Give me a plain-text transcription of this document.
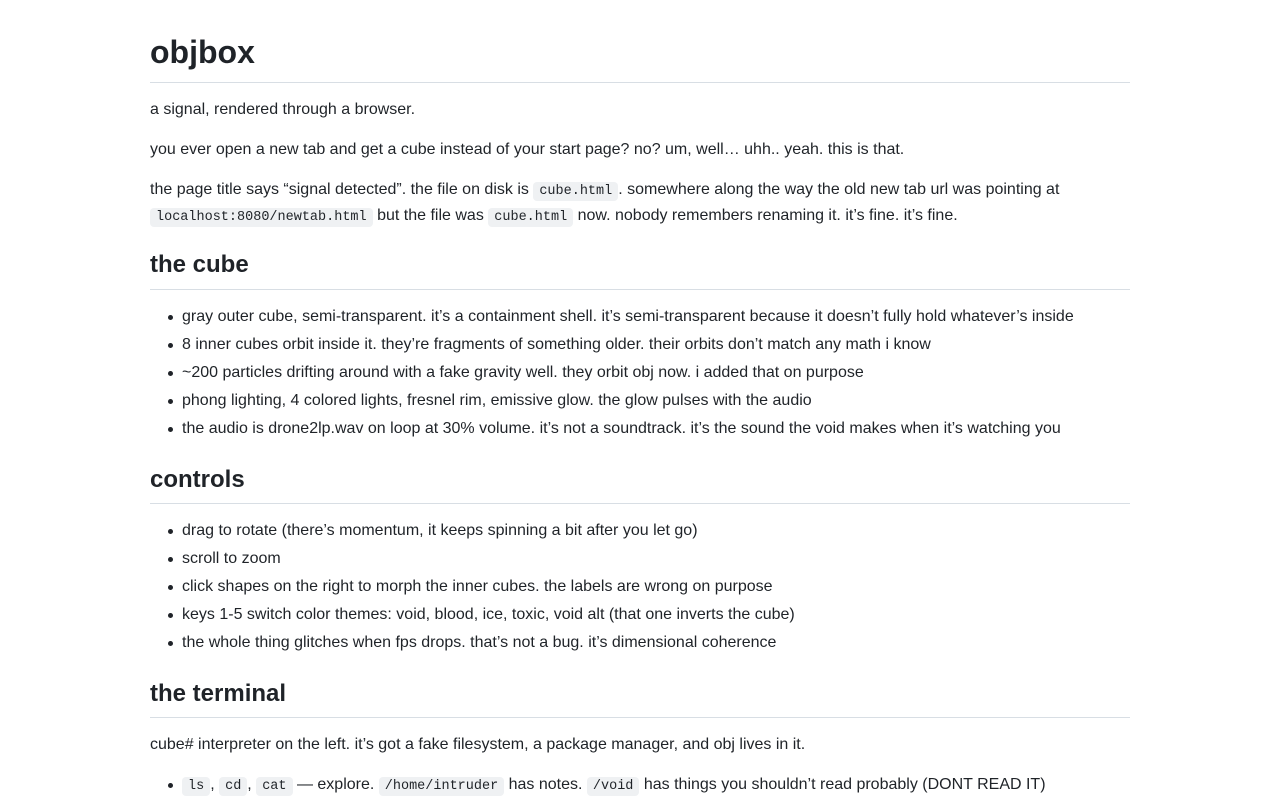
objbox

a signal, rendered through a browser.

you ever open a new tab and get a cube instead of your start page? no? um, well… uhh.. yeah. this is that.

the page title says “signal detected”. the file on disk is cube.html . somewhere along the way the old new tab url was pointing at
localhost:8080/newtab.html but the file was cube.html now. nobody remembers renaming it. it’s fine. it’s fine.

the cube
gray outer cube, semi-transparent. it’s a containment shell. it’s semi-transparent because it doesn’t fully hold whatever’s inside
8 inner cubes orbit inside it. they’re fragments of something older. their orbits don’t match any math i know
~200 particles drifting around with a fake gravity well. they orbit obj now. i added that on purpose
phong lighting, 4 colored lights, fresnel rim, emissive glow. the glow pulses with the audio
the audio is drone2lp.wav on loop at 30% volume. it’s not a soundtrack. it’s the sound the void makes when it’s watching you
controls
drag to rotate (there’s momentum, it keeps spinning a bit after you let go)
scroll to zoom
click shapes on the right to morph the inner cubes. the labels are wrong on purpose
keys 1-5 switch color themes: void, blood, ice, toxic, void alt (that one inverts the cube)
the whole thing glitches when fps drops. that’s not a bug. it’s dimensional coherence
the terminal

cube# interpreter on the left. it’s got a fake filesystem, a package manager, and obj lives in it.

ls , cd , cat — explore. /home/intruder has notes. /void has things you shouldn’t read probably (DONT READ IT)
